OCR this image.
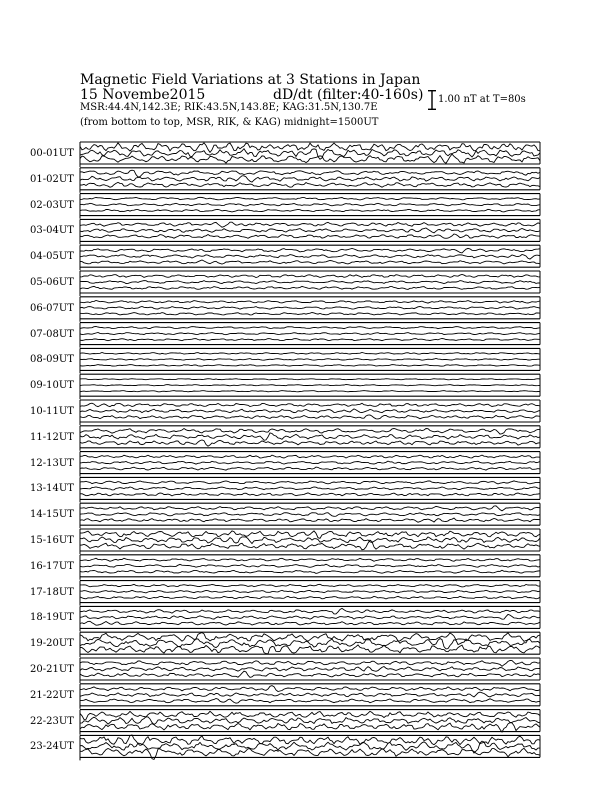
Magnetic Field Variations at 3 Stations in Japan
15 Novembe2015	dD/dt (filter:40-160s)
MSR:44.4N,142.3E; RIK:43.5N,143.8E; KAG:31.5N,130.7E
(from bottom to top, MSR, RIK, & KAG) midnight=1500UT
1.00 nT at T=80s
00-01UT
01-02UT
02-03UT
03-04UT
04-05UT
05-06UT
06-07UT
07-08UT
08-09UT
09-10UT
10-11UT
11-12UT
12-13UT
13-14UT
14-15UT
15-16UT
16-17UT
17-18UT
18-19UT
19-20UT
20-21UT
21-22UT
22-23UT
23-24UT
